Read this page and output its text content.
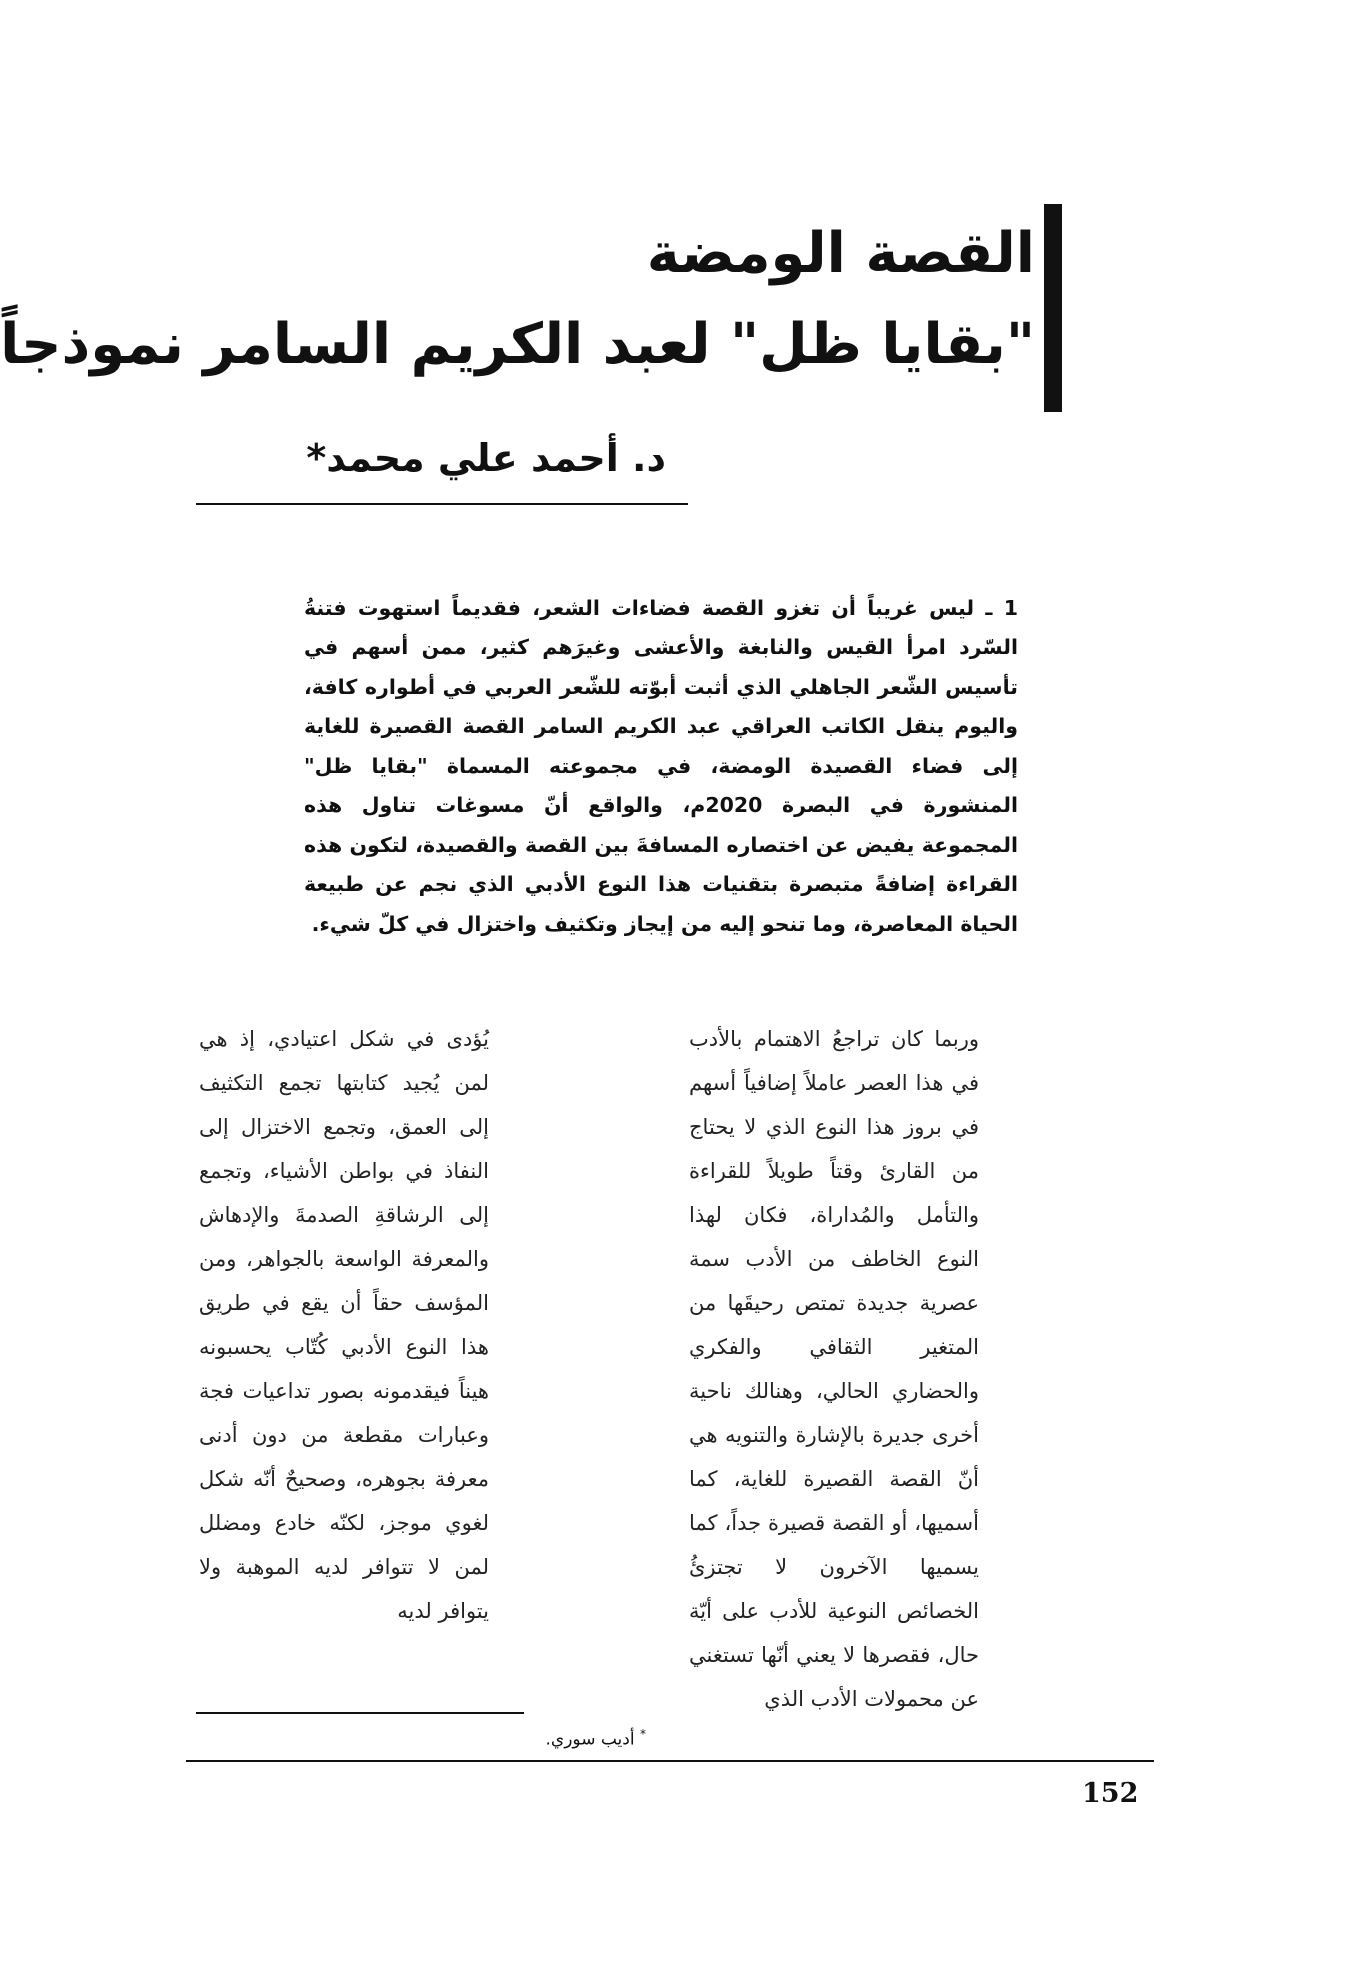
القصة الومضة
"بقايا ظل" لعبد الكريم السامر نموذجاً
د. أحمد علي محمد*

1 ـ ليس غريباً أن تغزو القصة فضاءات الشعر، فقديماً استهوت فتنةُ السّرد امرأ القيس والنابغة والأعشى وغيرَهم كثير، ممن أسهم في تأسيس الشّعر الجاهلي الذي أثبت أبوّته للشّعر العربي في أطواره كافة، واليوم ينقل الكاتب العراقي عبد الكريم السامر القصة القصيرة للغاية إلى فضاء القصيدة الومضة، في مجموعته المسماة "بقايا ظل" المنشورة في البصرة 2020م، والواقع أنّ مسوغات تناول هذه المجموعة يفيض عن اختصاره المسافةَ بين القصة والقصيدة، لتكون هذه القراءة إضافةً متبصرة بتقنيات هذا النوع الأدبي الذي نجم عن طبيعة الحياة المعاصرة، وما تنحو إليه من إيجاز وتكثيف واختزال في كلّ شيء.

وربما كان تراجعُ الاهتمام بالأدب في هذا العصر عاملاً إضافياً أسهم في بروز هذا النوع الذي لا يحتاج من القارئ وقتاً طويلاً للقراءة والتأمل والمُداراة، فكان لهذا النوع الخاطف من الأدب سمة عصرية جديدة تمتص رحيقَها من المتغير الثقافي والفكري والحضاري الحالي، وهنالك ناحية أخرى جديرة بالإشارة والتنويه هي أنّ القصة القصيرة للغاية، كما أسميها، أو القصة قصيرة جداً، كما يسميها الآخرون لا تجتزئُ الخصائص النوعية للأدب على أيّة حال، فقصرها لا يعني أنّها تستغني عن محمولات الأدب الذي
يُؤدى في شكل اعتيادي، إذ هي لمن يُجيد كتابتها تجمع التكثيف إلى العمق، وتجمع الاختزال إلى النفاذ في بواطن الأشياء، وتجمع إلى الرشاقةِ الصدمةَ والإدهاش والمعرفة الواسعة بالجواهر، ومن المؤسف حقاً أن يقع في طريق هذا النوع الأدبي كُتّاب يحسبونه هيناً فيقدمونه بصور تداعيات فجة وعبارات مقطعة من دون أدنى معرفة بجوهره، وصحيحٌ أنّه شكل لغوي موجز، لكنّه خادع ومضلل لمن لا تتوافر لديه الموهبة ولا يتوافر لديه
* أديب سوري.
152
